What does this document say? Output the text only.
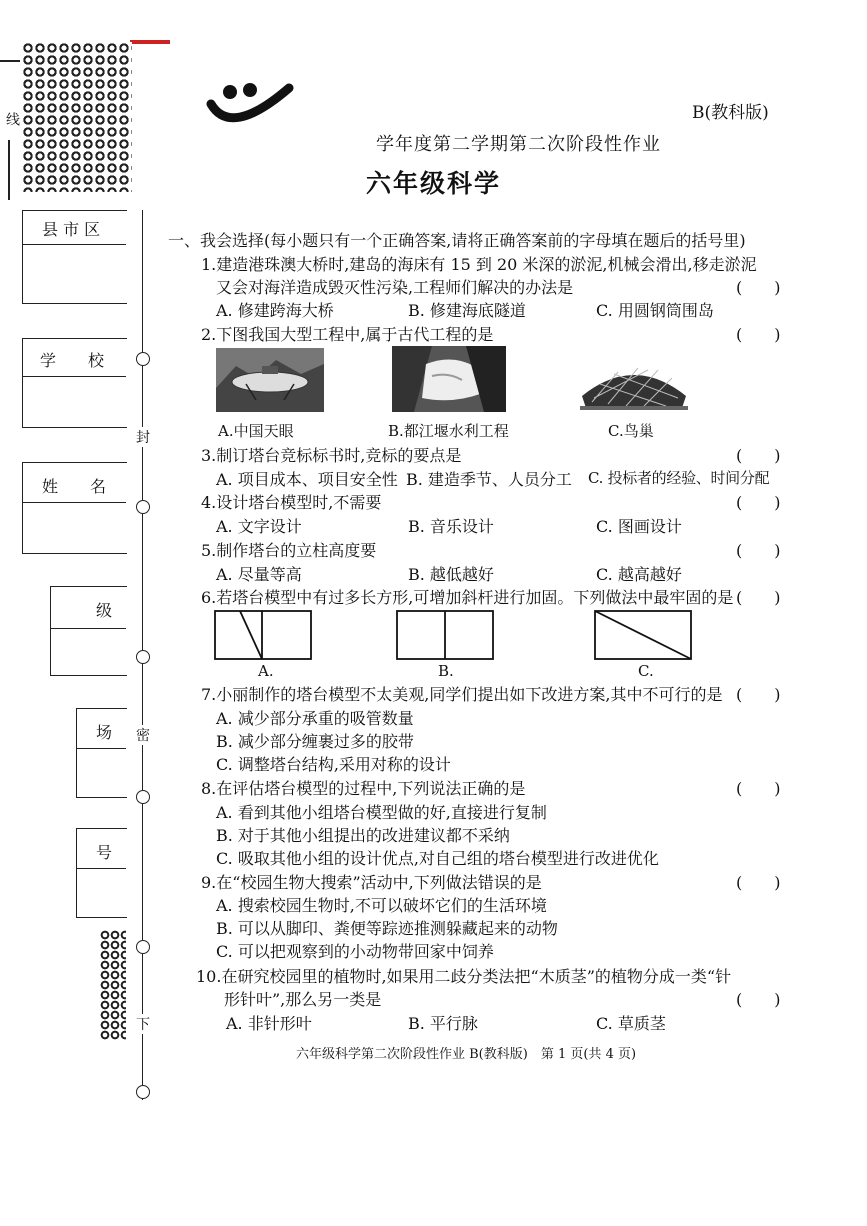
线
封
密
下
县 市 区
学　　校
姓　　名
级
场
号
B(教科版)
学年度第二学期第二次阶段性作业
六年级科学
一、我会选择(每小题只有一个正确答案,请将正确答案前的字母填在题后的括号里)
1.建造港珠澳大桥时,建岛的海床有 15 到 20 米深的淤泥,机械会滑出,移走淤泥
又会对海洋造成毁灭性污染,工程师们解决的办法是	(　　)
A. 修建跨海大桥	B. 修建海底隧道	C. 用圆钢筒围岛
2.下图我国大型工程中,属于古代工程的是	(　　)
A.中国天眼	B.都江堰水利工程	C.鸟巢
3.制订塔台竞标标书时,竞标的要点是	(　　)
A. 项目成本、项目安全性 B. 建造季节、人员分工 C. 投标者的经验、时间分配
4.设计塔台模型时,不需要	(　　)
A. 文字设计	B. 音乐设计	C. 图画设计
5.制作塔台的立柱高度要	(　　)
A. 尽量等高	B. 越低越好	C. 越高越好
6.若塔台模型中有过多长方形,可增加斜杆进行加固。下列做法中最牢固的是 (　　)
A.	B.	C.
7.小丽制作的塔台模型不太美观,同学们提出如下改进方案,其中不可行的是 (　　)
A. 减少部分承重的吸管数量
B. 减少部分缠裹过多的胶带
C. 调整塔台结构,采用对称的设计
8.在评估塔台模型的过程中,下列说法正确的是	(　　)
A. 看到其他小组塔台模型做的好,直接进行复制
B. 对于其他小组提出的改进建议都不采纳
C. 吸取其他小组的设计优点,对自己组的塔台模型进行改进优化
9.在“校园生物大搜索”活动中,下列做法错误的是	(　　)
A. 搜索校园生物时,不可以破坏它们的生活环境
B. 可以从脚印、粪便等踪迹推测躲藏起来的动物
C. 可以把观察到的小动物带回家中饲养
10.在研究校园里的植物时,如果用二歧分类法把“木质茎”的植物分成一类“针
形针叶”,那么另一类是	(　　)
A. 非针形叶	B. 平行脉	C. 草质茎
六年级科学第二次阶段性作业 B(教科版)　第 1 页(共 4 页)
